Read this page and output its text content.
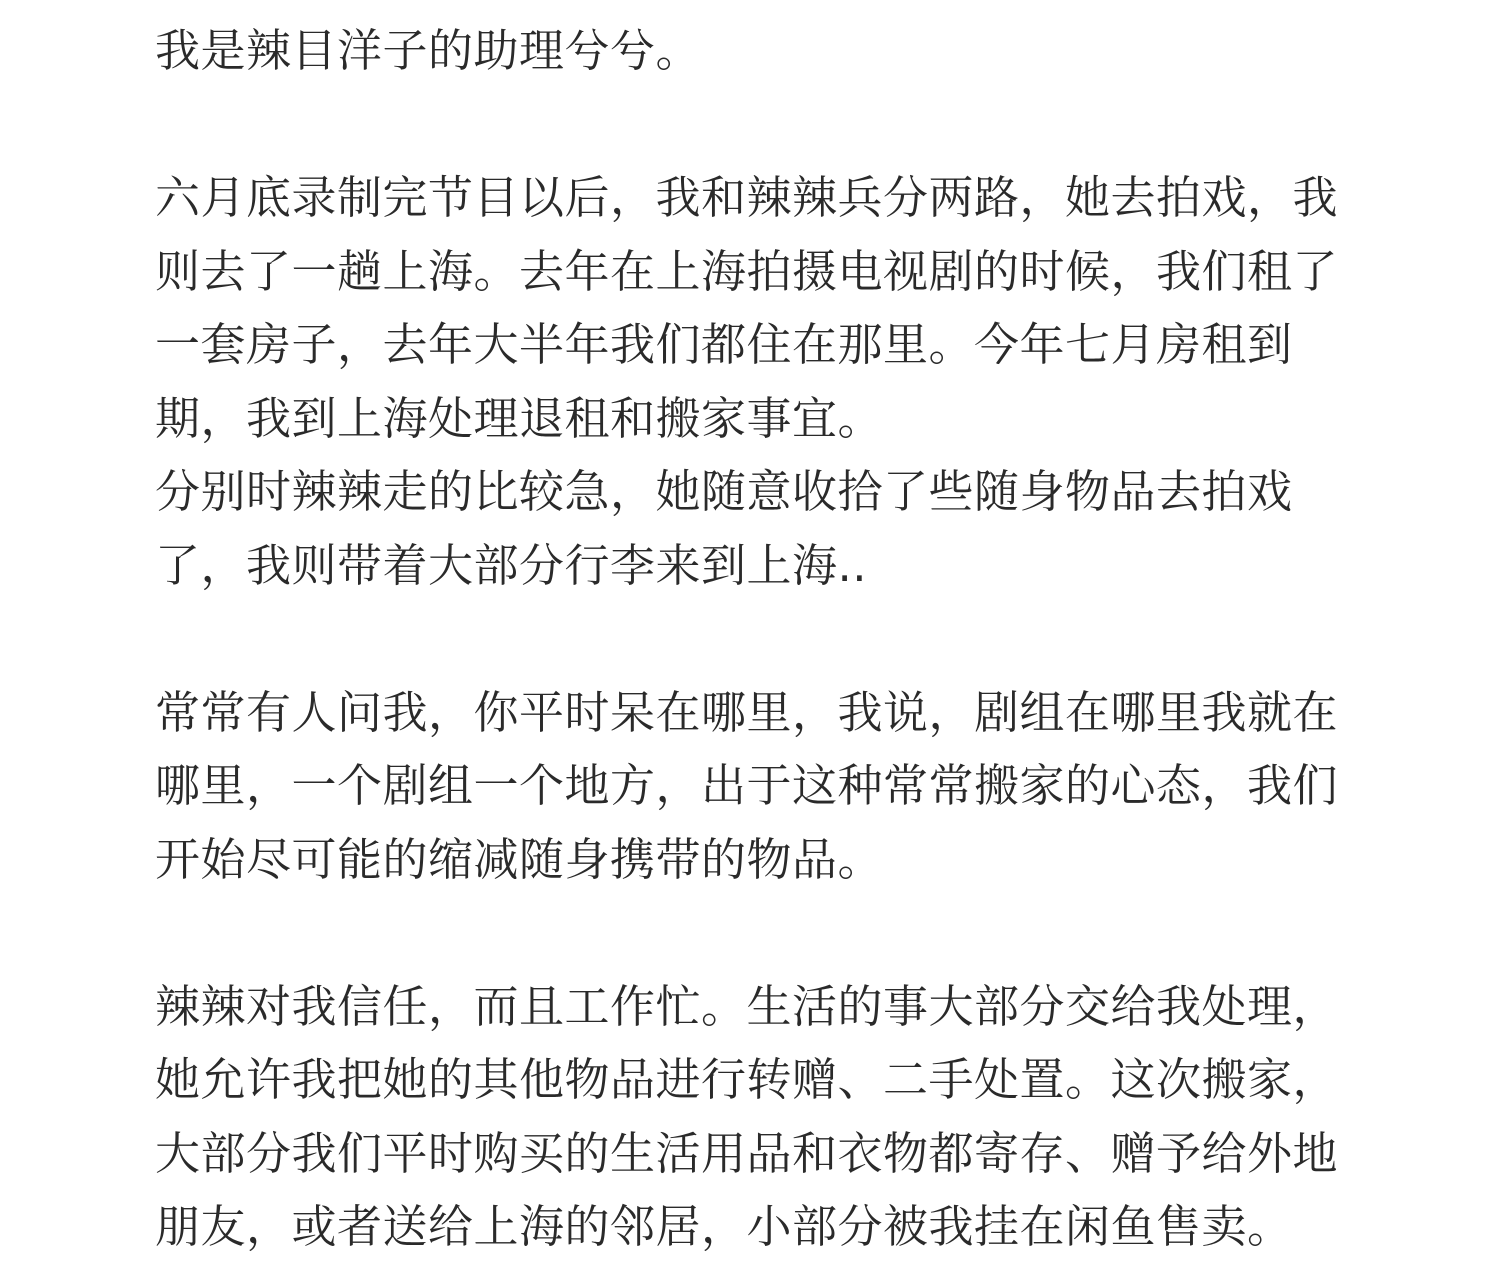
我是辣目洋子的助理兮兮。
六月底录制完节目以后，我和辣辣兵分两路，她去拍戏，我
则去了一趟上海。去年在上海拍摄电视剧的时候，我们租了
一套房子，去年大半年我们都住在那里。今年七月房租到
期，我到上海处理退租和搬家事宜。
分别时辣辣走的比较急，她随意收拾了些随身物品去拍戏
了，我则带着大部分行李来到上海..
常常有人问我，你平时呆在哪里，我说，剧组在哪里我就在
哪里，一个剧组一个地方，出于这种常常搬家的心态，我们
开始尽可能的缩减随身携带的物品。
辣辣对我信任，而且工作忙。生活的事大部分交给我处理，
她允许我把她的其他物品进行转赠、二手处置。这次搬家，
大部分我们平时购买的生活用品和衣物都寄存、赠予给外地
朋友，或者送给上海的邻居，小部分被我挂在闲鱼售卖。
